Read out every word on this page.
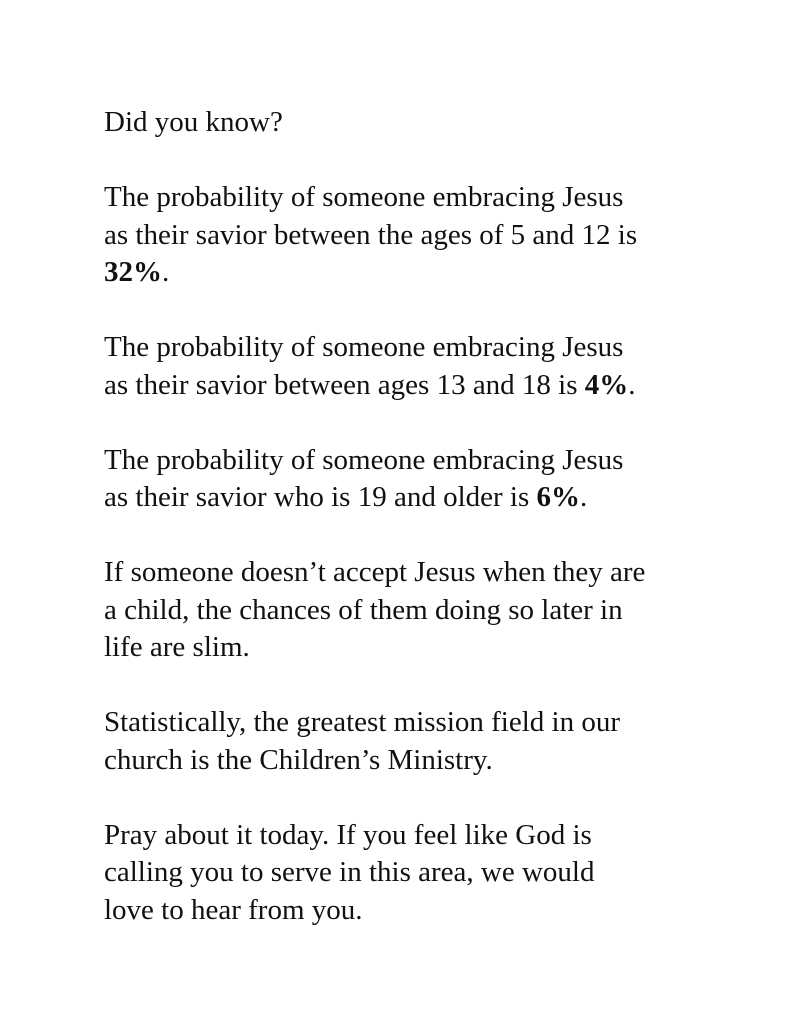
Did you know?

The probability of someone embracing Jesus
as their savior between the ages of 5 and 12 is
32%.

The probability of someone embracing Jesus
as their savior between ages 13 and 18 is 4%.

The probability of someone embracing Jesus
as their savior who is 19 and older is 6%.

If someone doesn’t accept Jesus when they are
a child, the chances of them doing so later in
life are slim.

Statistically, the greatest mission field in our
church is the Children’s Ministry.

Pray about it today. If you feel like God is
calling you to serve in this area, we would
love to hear from you.
